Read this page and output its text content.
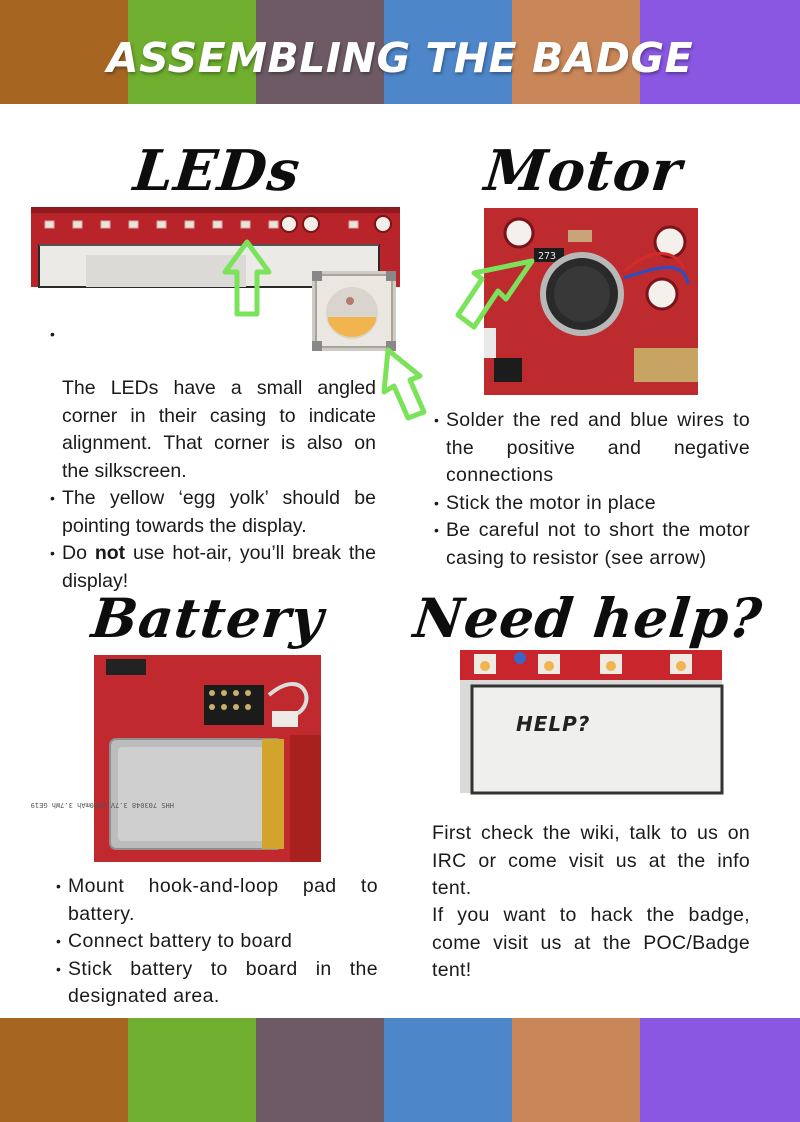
ASSEMBLING THE BADGE
LEDs
• The LEDs have a small angled corner in their casing to indicate alignment. That corner is also on the silkscreen.
• The yellow ‘egg yolk’ should be pointing towards the display.
• Do not use hot-air, you’ll break the display!
Motor
273
• Solder the red and blue wires to the positive and negative connections
• Stick the motor in place
• Be careful not to short the motor casing to resistor (see arrow)
Battery
HHS 703048 3.7V 1000mAh 3.7Wh GE19
• Mount hook-and-loop pad to battery.
• Connect battery to board
• Stick battery to board in the designated area.
Need help?
HELP?

First check the wiki, talk to us on IRC or come visit us at the info tent.

If you want to hack the badge, come visit us at the POC/Badge tent!
